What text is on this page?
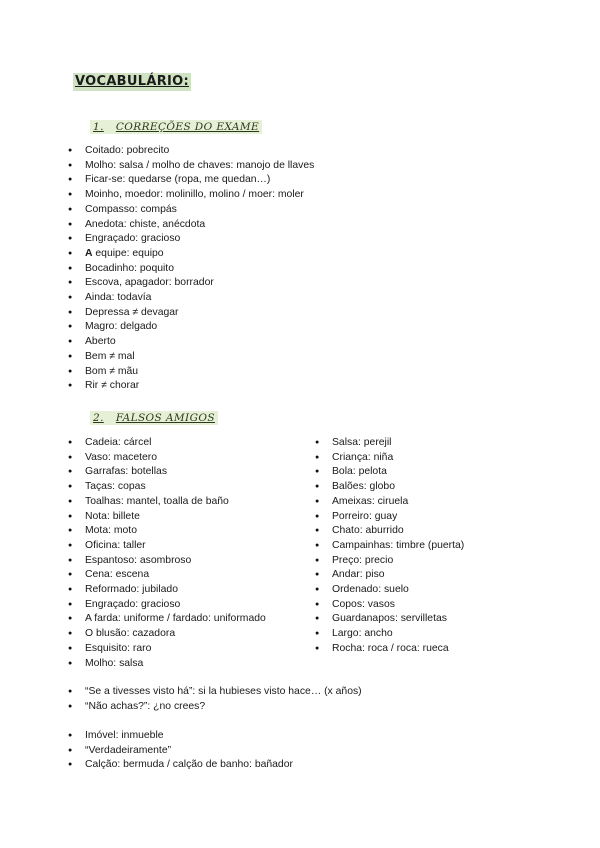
VOCABULÁRIO:
1. CORREÇÕES DO EXAME
● Coitado: pobrecito
● Molho: salsa / molho de chaves: manojo de llaves
● Ficar-se: quedarse (ropa, me quedan…)
● Moinho, moedor: molinillo, molino / moer: moler
● Compasso: compás
● Anedota: chiste, anécdota
● Engraçado: gracioso
● A equipe: equipo
● Bocadinho: poquito
● Escova, apagador: borrador
● Ainda: todavía
● Depressa ≠ devagar
● Magro: delgado
● Aberto
● Bem ≠ mal
● Bom ≠ mãu
● Rir ≠ chorar
2. FALSOS AMIGOS
● Cadeia: cárcel
● Vaso: macetero
● Garrafas: botellas
● Taças: copas
● Toalhas: mantel, toalla de baño
● Nota: billete
● Mota: moto
● Oficina: taller
● Espantoso: asombroso
● Cena: escena
● Reformado: jubilado
● Engraçado: gracioso
● A farda: uniforme / fardado: uniformado
● O blusão: cazadora
● Esquisito: raro
● Molho: salsa
● Salsa: perejil
● Criança: niña
● Bola: pelota
● Balões: globo
● Ameixas: ciruela
● Porreiro: guay
● Chato: aburrido
● Campainhas: timbre (puerta)
● Preço: precio
● Andar: piso
● Ordenado: suelo
● Copos: vasos
● Guardanapos: servilletas
● Largo: ancho
● Rocha: roca / roca: rueca
● “Se a tivesses visto há”: si la hubieses visto hace… (x años)
● “Não achas?”: ¿no crees?
● Imóvel: inmueble
● “Verdadeiramente”
● Calção: bermuda / calção de banho: bañador
